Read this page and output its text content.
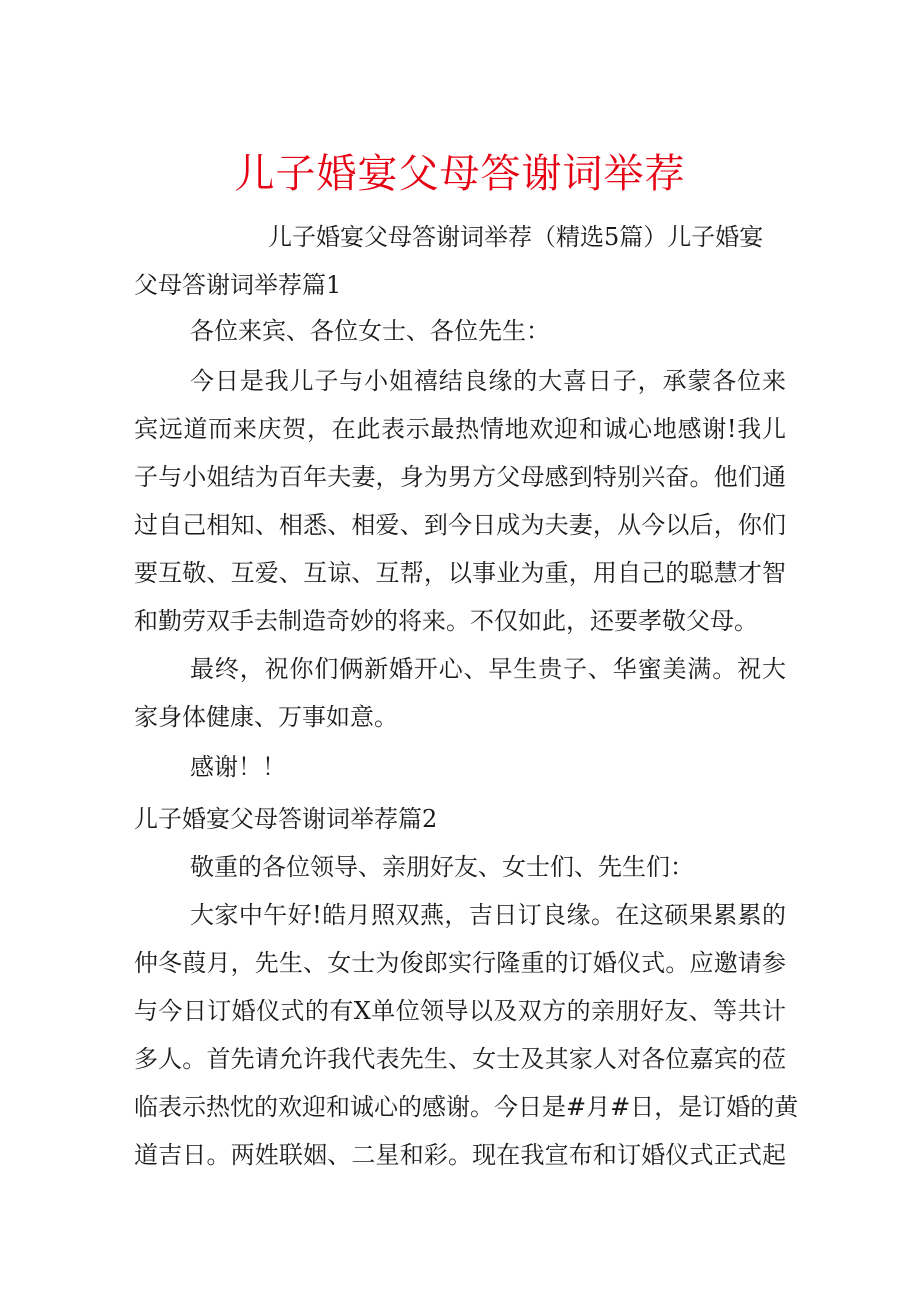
儿子婚宴父母答谢词举荐
儿子婚宴父母答谢词举荐（精选5篇）儿子婚宴
父母答谢词举荐篇1
各位来宾、各位女士、各位先生：
今日是我儿子与小姐禧结良缘的大喜日子，承蒙各位来
宾远道而来庆贺，在此表示最热情地欢迎和诚心地感谢!我儿
子与小姐结为百年夫妻，身为男方父母感到特别兴奋。他们通
过自己相知、相悉、相爱、到今日成为夫妻，从今以后，你们
要互敬、互爱、互谅、互帮，以事业为重，用自己的聪慧才智
和勤劳双手去制造奇妙的将来。不仅如此，还要孝敬父母。
最终，祝你们俩新婚开心、早生贵子、华蜜美满。祝大
家身体健康、万事如意。
感谢！！
儿子婚宴父母答谢词举荐篇2
敬重的各位领导、亲朋好友、女士们、先生们：
大家中午好!皓月照双燕，吉日订良缘。在这硕果累累的
仲冬葭月，先生、女士为俊郎实行隆重的订婚仪式。应邀请参
与今日订婚仪式的有X单位领导以及双方的亲朋好友、等共计
多人。首先请允许我代表先生、女士及其家人对各位嘉宾的莅
临表示热忱的欢迎和诚心的感谢。今日是#月#日，是订婚的黄
道吉日。两姓联姻、二星和彩。现在我宣布和订婚仪式正式起
